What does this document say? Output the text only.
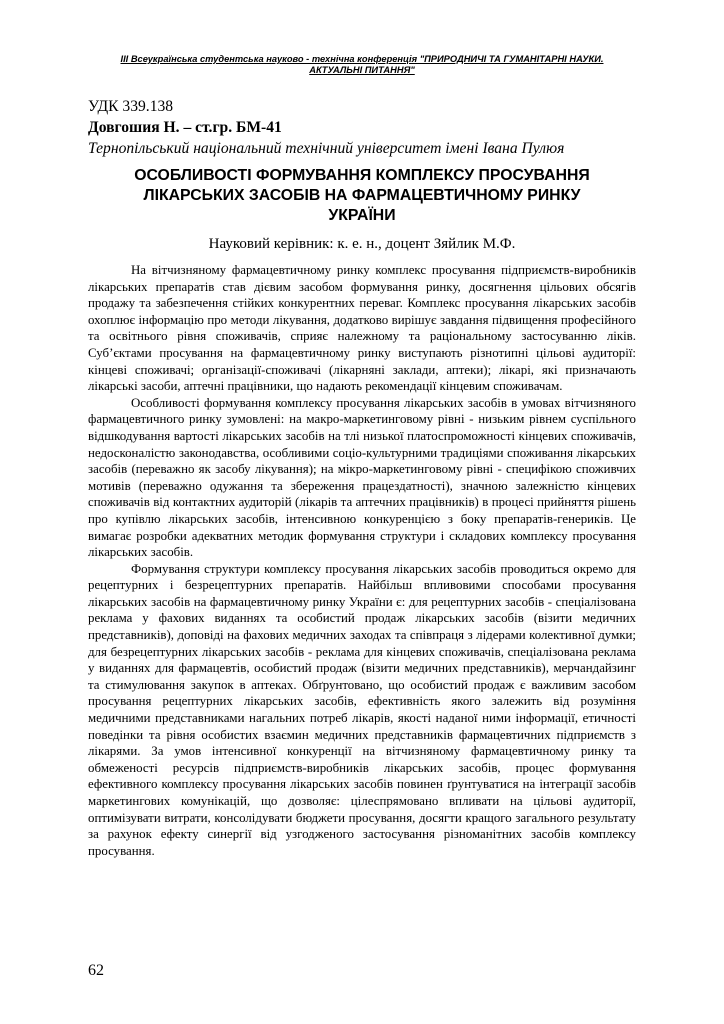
III Всеукраїнська студентська науково - технічна конференція "ПРИРОДНИЧІ ТА ГУМАНІТАРНІ НАУКИ.
АКТУАЛЬНІ ПИТАННЯ"
УДК 339.138
Довгошия Н. – ст.гр. БМ-41
Тернопільський національний технічний університет імені Івана Пулюя
ОСОБЛИВОСТІ ФОРМУВАННЯ КОМПЛЕКСУ ПРОСУВАННЯ
ЛІКАРСЬКИХ ЗАСОБІВ НА ФАРМАЦЕВТИЧНОМУ РИНКУ
УКРАЇНИ
Науковий керівник: к. е. н., доцент Зяйлик М.Ф.

На вітчизняному фармацевтичному ринку комплекс просування підприємств-виробників лікарських препаратів став дієвим засобом формування ринку, досягнення цільових обсягів продажу та забезпечення стійких конкурентних переваг. Комплекс просування лікарських засобів охоплює інформацію про методи лікування, додатково вирішує завдання підвищення професійного та освітнього рівня споживачів, сприяє належному та раціональному застосуванню ліків. Суб’єктами просування на фармацевтичному ринку виступають різнотипні цільові аудиторії: кінцеві споживачі; організації-споживачі (лікарняні заклади, аптеки); лікарі, які призначають лікарські засоби, аптечні працівники, що надають рекомендації кінцевим споживачам.

Особливості формування комплексу просування лікарських засобів в умовах вітчизняного фармацевтичного ринку зумовлені: на макро-маркетинговому рівні - низьким рівнем суспільного відшкодування вартості лікарських засобів на тлі низької платоспроможності кінцевих споживачів, недосконалістю законодавства, особливими соціо-культурними традиціями споживання лікарських засобів (переважно як засобу лікування); на мікро-маркетинговому рівні - специфікою споживчих мотивів (переважно одужання та збереження працездатності), значною залежністю кінцевих споживачів від контактних аудиторій (лікарів та аптечних працівників) в процесі прийняття рішень про купівлю лікарських засобів, інтенсивною конкуренцією з боку препаратів-генериків. Це вимагає розробки адекватних методик формування структури і складових комплексу просування лікарських засобів.

Формування структури комплексу просування лікарських засобів проводиться окремо для рецептурних і безрецептурних препаратів. Найбільш впливовими способами просування лікарських засобів на фармацевтичному ринку України є: для рецептурних засобів - спеціалізована реклама у фахових виданнях та особистий продаж лікарських засобів (візити медичних представників), доповіді на фахових медичних заходах та співпраця з лідерами колективної думки; для безрецептурних лікарських засобів - реклама для кінцевих споживачів, спеціалізована реклама у виданнях для фармацевтів, особистий продаж (візити медичних представників), мерчандайзинг та стимулювання закупок в аптеках. Обґрунтовано, що особистий продаж є важливим засобом просування рецептурних лікарських засобів, ефективність якого залежить від розуміння медичними представниками нагальних потреб лікарів, якості наданої ними інформації, етичності поведінки та рівня особистих взаємин медичних представників фармацевтичних підприємств з лікарями. За умов інтенсивної конкуренції на вітчизняному фармацевтичному ринку та обмеженості ресурсів підприємств-виробників лікарських засобів, процес формування ефективного комплексу просування лікарських засобів повинен ґрунтуватися на інтеграції засобів маркетингових комунікацій, що дозволяє: цілеспрямовано впливати на цільові аудиторії, оптимізувати витрати, консолідувати бюджети просування, досягти кращого загального результату за рахунок ефекту синергії від узгодженого застосування різноманітних засобів комплексу просування.

62
